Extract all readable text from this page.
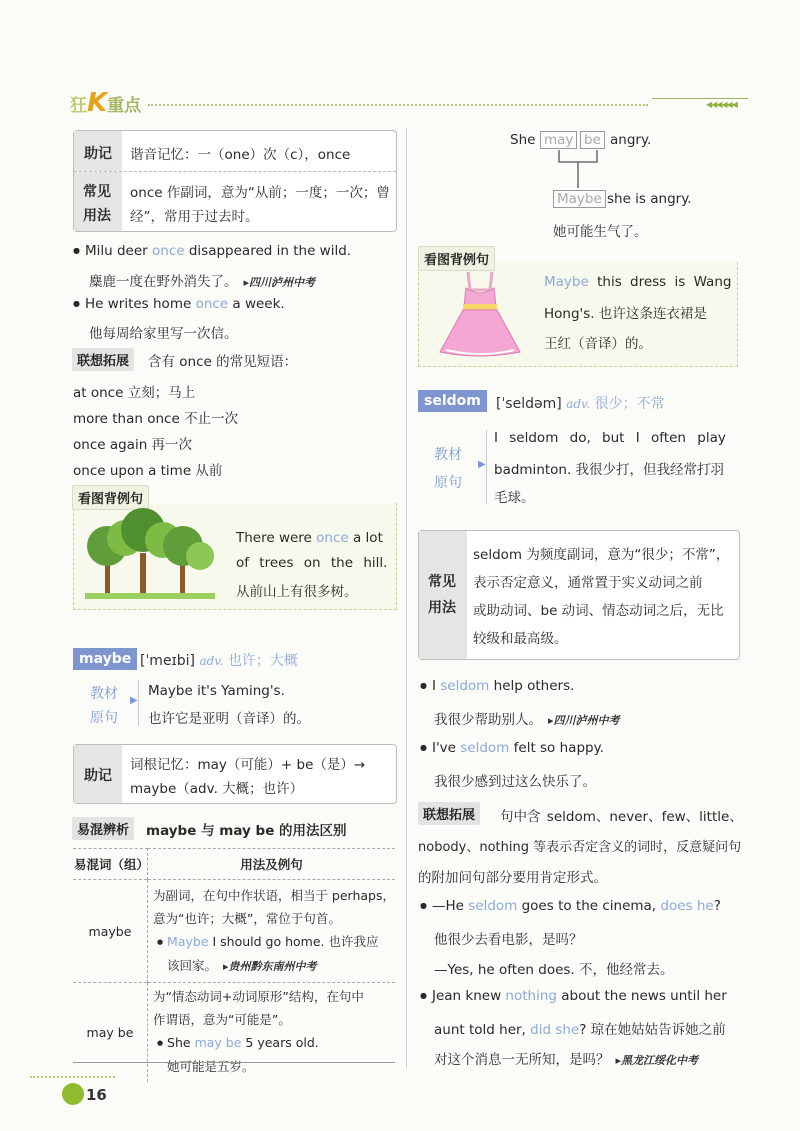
狂K重点	◀◀◀◀◀◀
助记 谐音记忆：一（one）次（c），once
常见
用法
once 作副词，意为“从前；一度；一次；曾
经”，常用于过去时。
● Milu deer once disappeared in the wild.
麋鹿一度在野外消失了。 ▸四川泸州中考
● He writes home once a week.
他每周给家里写一次信。
联想拓展	含有 once 的常见短语：
at once 立刻；马上
more than once 不止一次
once again 再一次
once upon a time 从前
看图背例句
There were once a lot
of trees on the hill.
从前山上有很多树。
maybe [ˈmeɪbi] adv. 也许；大概
教材
原句
▶
Maybe it's Yaming's.
也许它是亚明（音译）的。
助记
词根记忆：may（可能）+ be（是）→
maybe（adv. 大概；也许）
易混辨析	maybe 与 may be 的用法区别
易混词（组）	用法及例句
maybe	为副词，在句中作状语，相当于 perhaps，
意为“也许；大概”，常位于句首。
● Maybe I should go home. 也许我应
该回家。 ▸贵州黔东南州中考

may be	为“情态动词+动词原形”结构，在句中
作谓语，意为“可能是”。
● She may be 5 years old.
她可能是五岁。
16
She may be angry.
Maybe she is angry.
她可能生气了。
看图背例句
Maybe this dress is Wang
Hong's. 也许这条连衣裙是
王红（音译）的。
seldom	[ˈseldəm] adv. 很少；不常
教材
原句
▶
I seldom do, but I often play
badminton. 我很少打，但我经常打羽
毛球。
常见
用法
seldom 为频度副词，意为“很少；不常”，
表示否定意义，通常置于实义动词之前
或助动词、be 动词、情态动词之后，无比
较级和最高级。
● I seldom help others.
我很少帮助别人。 ▸四川泸州中考
● I've seldom felt so happy.
我很少感到过这么快乐了。
联想拓展	句中含 seldom、never、few、little、
nobody、nothing 等表示否定含义的词时，反意疑问句
的附加问句部分要用肯定形式。
● —He seldom goes to the cinema, does he?
他很少去看电影，是吗？
—Yes, he often does. 不，他经常去。
● Jean knew nothing about the news until her
aunt told her, did she? 琼在她姑姑告诉她之前
对这个消息一无所知，是吗？ ▸黑龙江绥化中考
